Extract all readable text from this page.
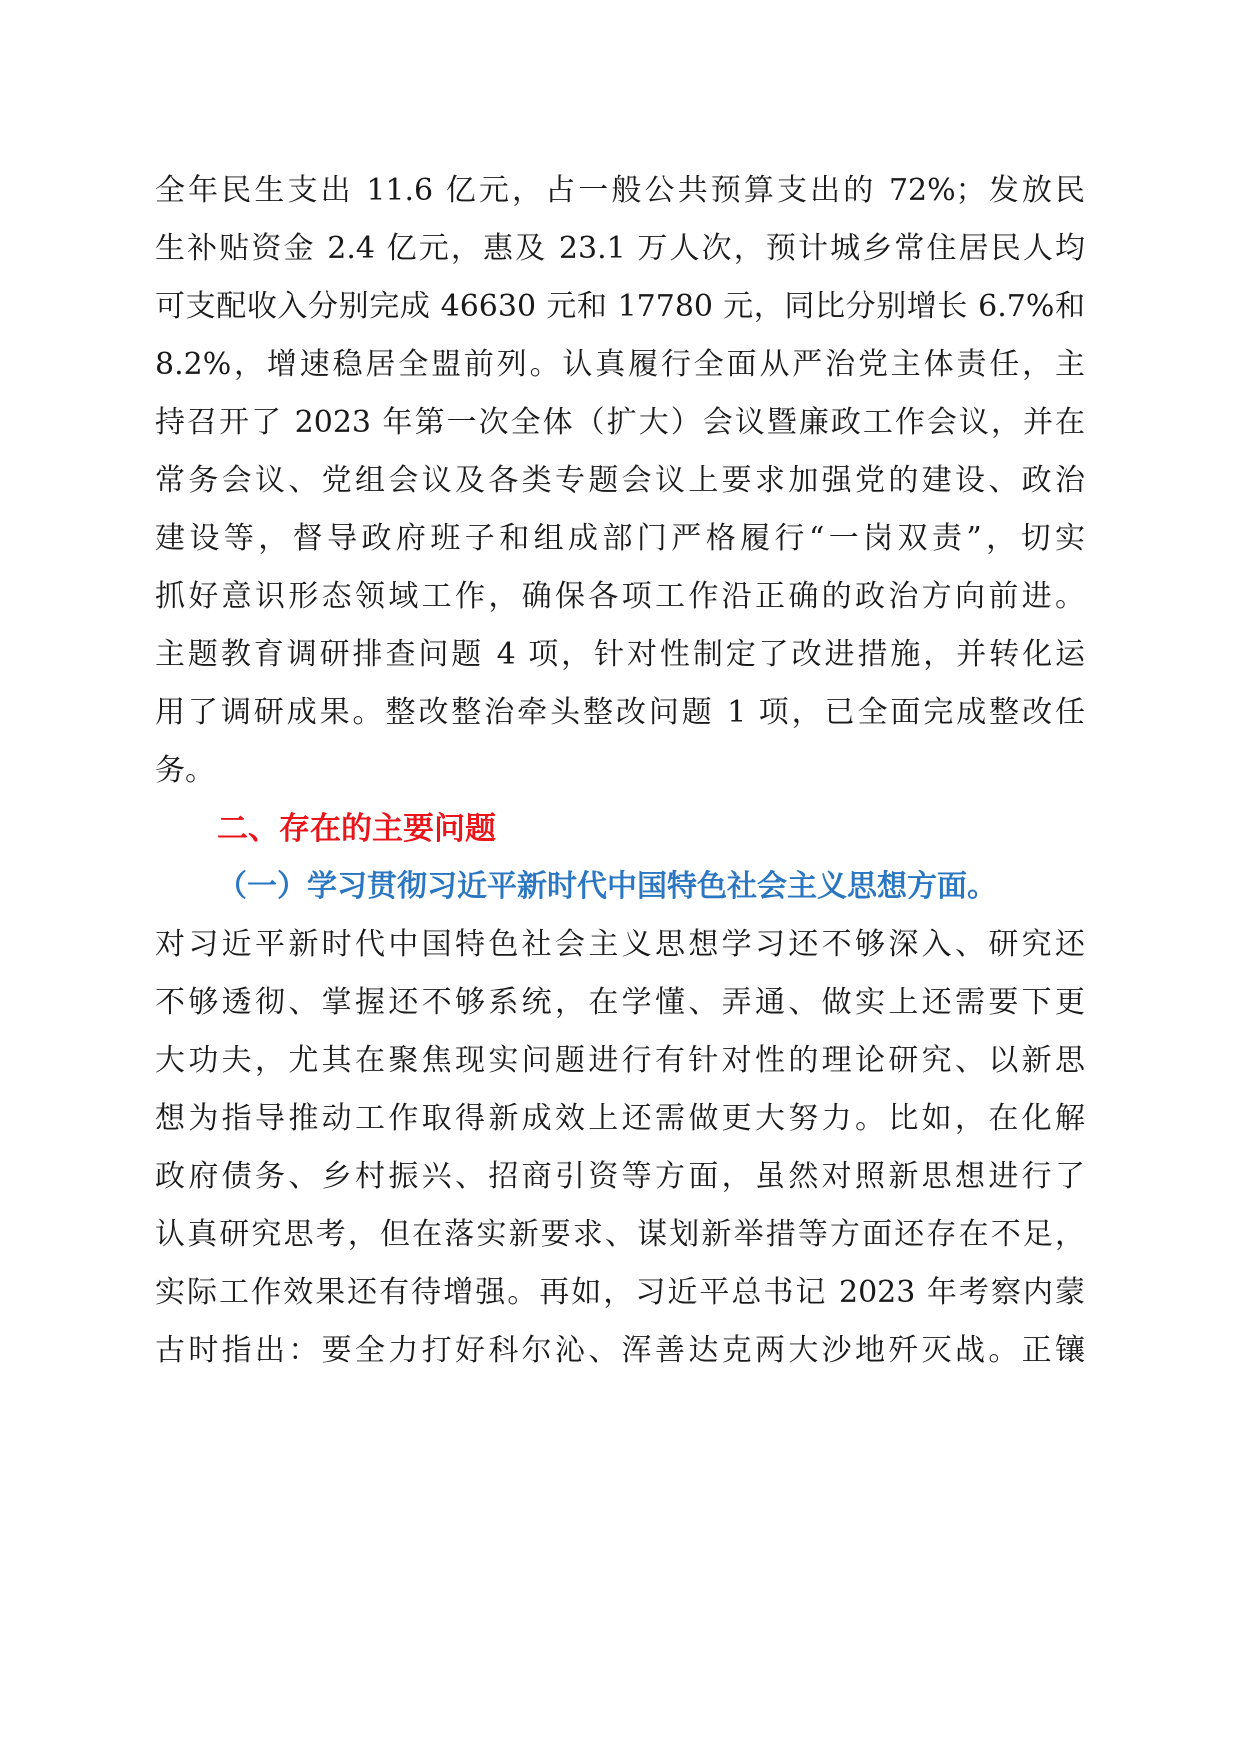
全年民生支出 11.6 亿元，占一般公共预算支出的 72%；发放民
生补贴资金 2.4 亿元，惠及 23.1 万人次，预计城乡常住居民人均
可支配收入分别完成 46630 元和 17780 元，同比分别增长 6.7%和
8.2%，增速稳居全盟前列。认真履行全面从严治党主体责任，主
持召开了 2023 年第一次全体（扩大）会议暨廉政工作会议，并在
常务会议、党组会议及各类专题会议上要求加强党的建设、政治
建设等，督导政府班子和组成部门严格履行“一岗双责”，切实
抓好意识形态领域工作，确保各项工作沿正确的政治方向前进。
主题教育调研排查问题 4 项，针对性制定了改进措施，并转化运
用了调研成果。整改整治牵头整改问题 1 项，已全面完成整改任
务。
二、存在的主要问题
（一）学习贯彻习近平新时代中国特色社会主义思想方面。
对习近平新时代中国特色社会主义思想学习还不够深入、研究还
不够透彻、掌握还不够系统，在学懂、弄通、做实上还需要下更
大功夫，尤其在聚焦现实问题进行有针对性的理论研究、以新思
想为指导推动工作取得新成效上还需做更大努力。比如，在化解
政府债务、乡村振兴、招商引资等方面，虽然对照新思想进行了
认真研究思考，但在落实新要求、谋划新举措等方面还存在不足，
实际工作效果还有待增强。再如，习近平总书记 2023 年考察内蒙
古时指出：要全力打好科尔沁、浑善达克两大沙地歼灭战。正镶
